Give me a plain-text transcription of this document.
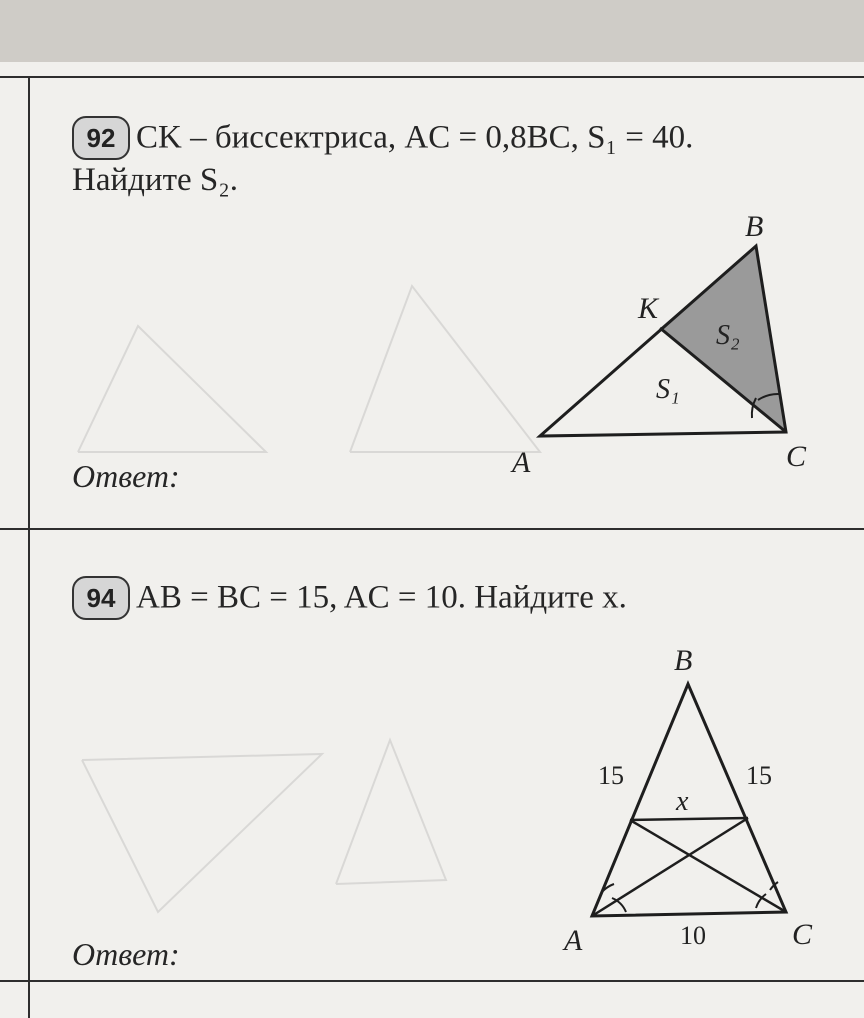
92 CK – биссектриса, AC = 0,8BC, S₁ = 40.
Найдите S₂.
B
K
A	C
S₂
S₁
Ответ:
94 AB = BC = 15, AC = 10. Найдите x.
B
A	C
15	15
10
x
Ответ:
